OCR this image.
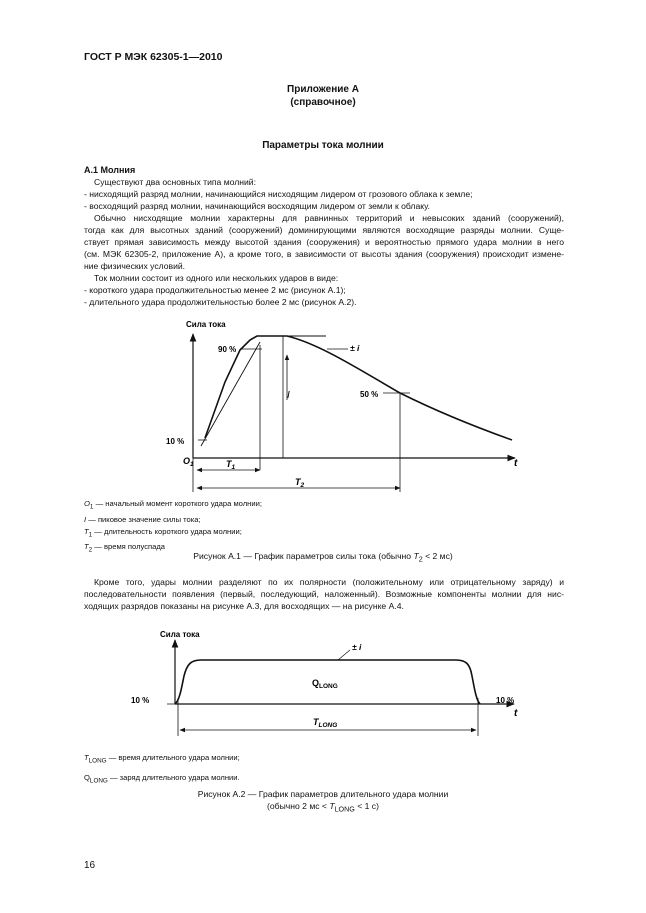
ГОСТ Р МЭК 62305-1—2010
Приложение А
(справочное)
Параметры тока молнии
А.1 Молния

Существуют два основных типа молний:

- нисходящий разряд молнии, начинающийся нисходящим лидером от грозового облака к земле;

- восходящий разряд молнии, начинающийся восходящим лидером от земли к облаку.

Обычно нисходящие молнии характерны для равнинных территорий и невысоких зданий (сооружений),

тогда как для высотных зданий (сооружений) доминирующими являются восходящие разряды молнии. Суще-

ствует прямая зависимость между высотой здания (сооружения) и вероятностью прямого удара молнии в него

(см. МЭК 62305-2, приложение А), а кроме того, в зависимости от высоты здания (сооружения) происходит измене-

ние физических условий.

Ток молнии состоит из одного или нескольких ударов в виде:

- короткого удара продолжительностью менее 2 мс (рисунок А.1);

- длительного удара продолжительностью более 2 мс (рисунок А.2).

Сила тока
t
90 %
50 %
10 %
$O_1$
I
± i
$T_1$
$T_2$
$O_1$ — начальный момент короткого удара молнии;
I — пиковое значение силы тока;
$T_1$ — длительность короткого удара молнии;
$T_2$ — время полуспада
Рисунок А.1 — График параметров силы тока (обычно $T_2 < 2$ мс)

Кроме того, удары молнии разделяют по их полярности (положительному или отрицательному заряду) и

последовательности появления (первый, последующий, наложенный). Возможные компоненты молнии для нис-

ходящих разрядов показаны на рисунке А.3, для восходящих — на рисунке А.4.

Сила тока
t
± i
$Q_{LONG}$
10 %	10 %
$T_{LONG}$
$T_{LONG}$ — время длительного удара молнии;
$Q_{LONG}$ — заряд длительного удара молнии.
Рисунок А.2 — График параметров длительного удара молнии
(обычно 2 мс < $T_{LONG} < 1$ с)
16
